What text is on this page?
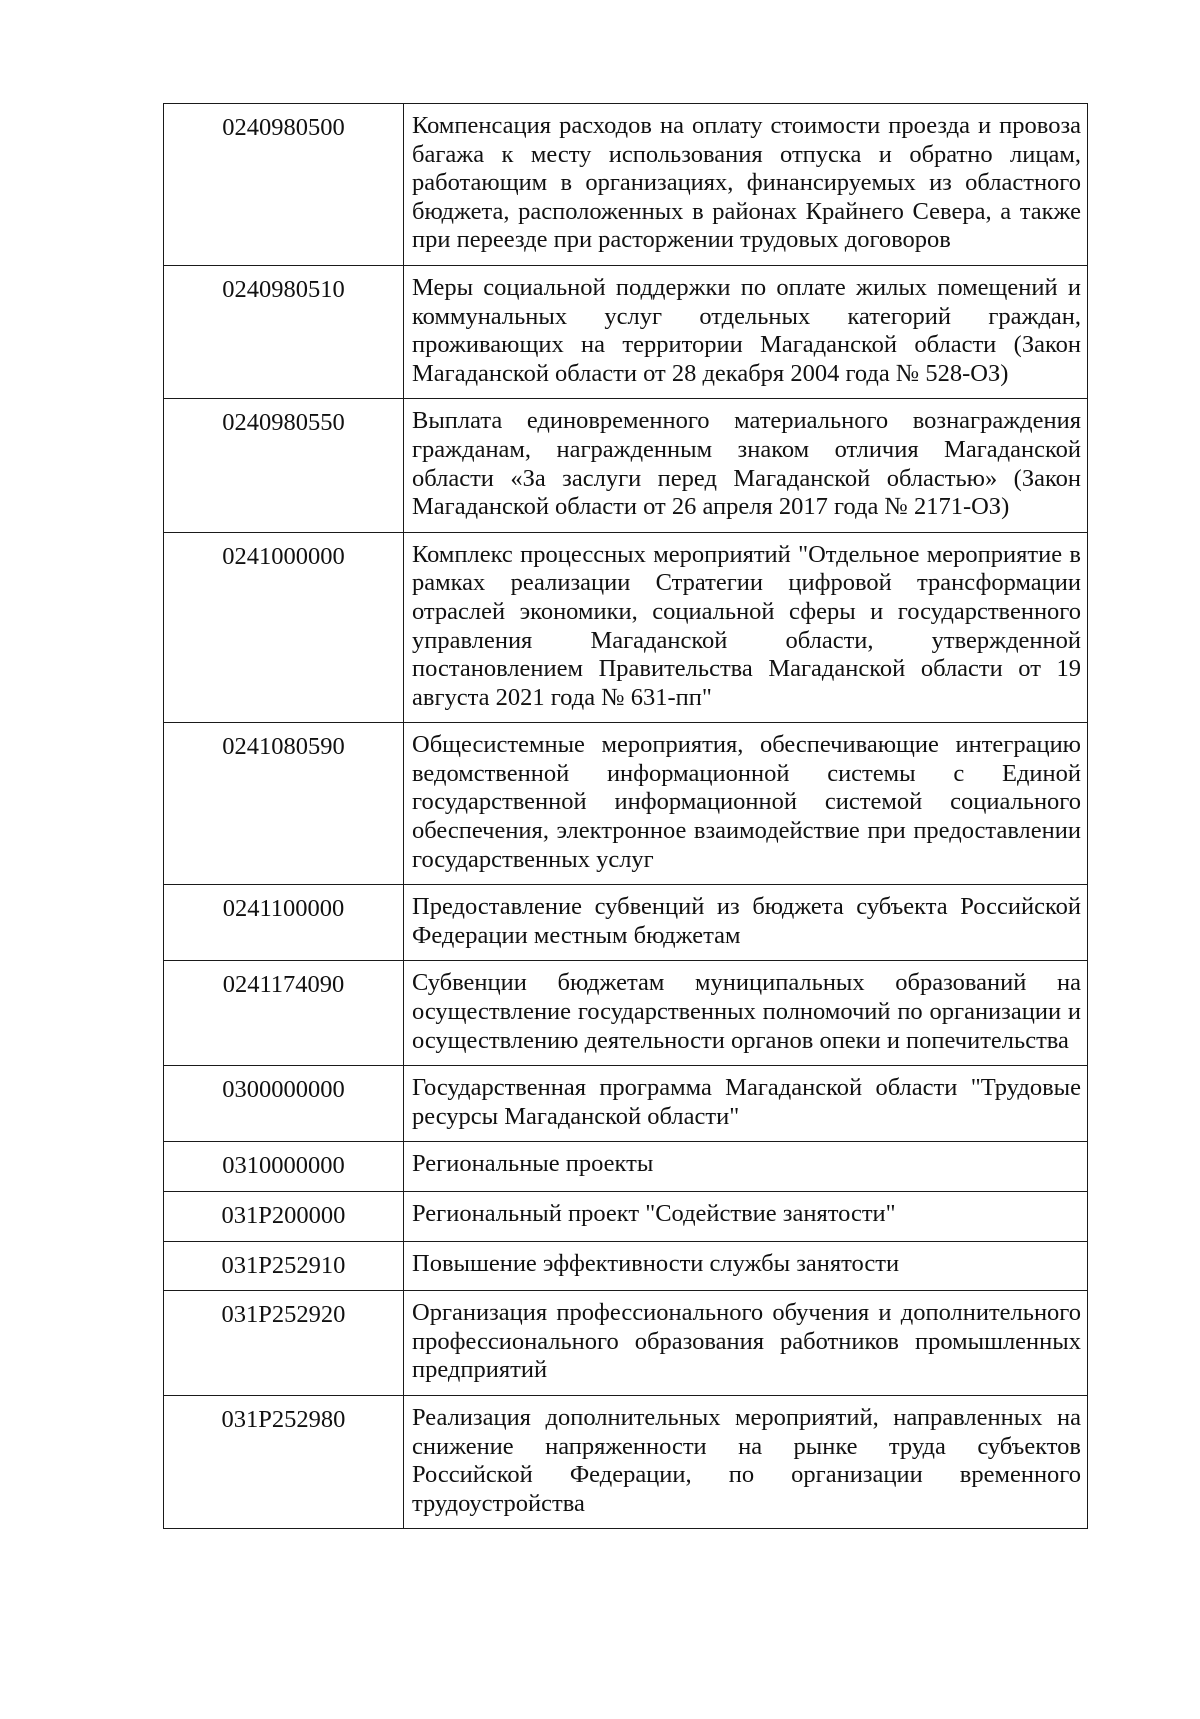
0240980500	Компенсация расходов на оплату стоимости проезда и провоза багажа к месту использования отпуска и обратно лицам, работающим в организациях, финансируемых из областного бюджета, расположенных в районах Крайнего Севера, а также при переезде при расторжении трудовых договоров
0240980510	Меры социальной поддержки по оплате жилых помещений и коммунальных услуг отдельных категорий граждан, проживающих на территории Магаданской области (Закон Магаданской области от 28 декабря 2004 года № 528-ОЗ)
0240980550	Выплата единовременного материального вознаграждения гражданам, награжденным знаком отличия Магаданской области «За заслуги перед Магаданской областью» (Закон Магаданской области от 26 апреля 2017 года № 2171-ОЗ)
0241000000	Комплекс процессных мероприятий "Отдельное мероприятие в рамках реализации Стратегии цифровой трансформации отраслей экономики, социальной сферы и государственного управления Магаданской области, утвержденной постановлением Правительства Магаданской области от 19 августа 2021 года № 631-пп"
0241080590	Общесистемные мероприятия, обеспечивающие интеграцию ведомственной информационной системы с Единой государственной информационной системой социального обеспечения, электронное взаимодействие при предоставлении государственных услуг
0241100000	Предоставление субвенций из бюджета субъекта Российской Федерации местным бюджетам
0241174090	Субвенции бюджетам муниципальных образований на осуществление государственных полномочий по организации и осуществлению деятельности органов опеки и попечительства
0300000000	Государственная программа Магаданской области "Трудовые ресурсы Магаданской области"
0310000000	Региональные проекты
031P200000	Региональный проект "Содействие занятости"
031P252910	Повышение эффективности службы занятости
031P252920	Организация профессионального обучения и дополнительного профессионального образования работников промышленных предприятий
031P252980	Реализация дополнительных мероприятий, направленных на снижение напряженности на рынке труда субъектов Российской Федерации, по организации временного трудоустройства
